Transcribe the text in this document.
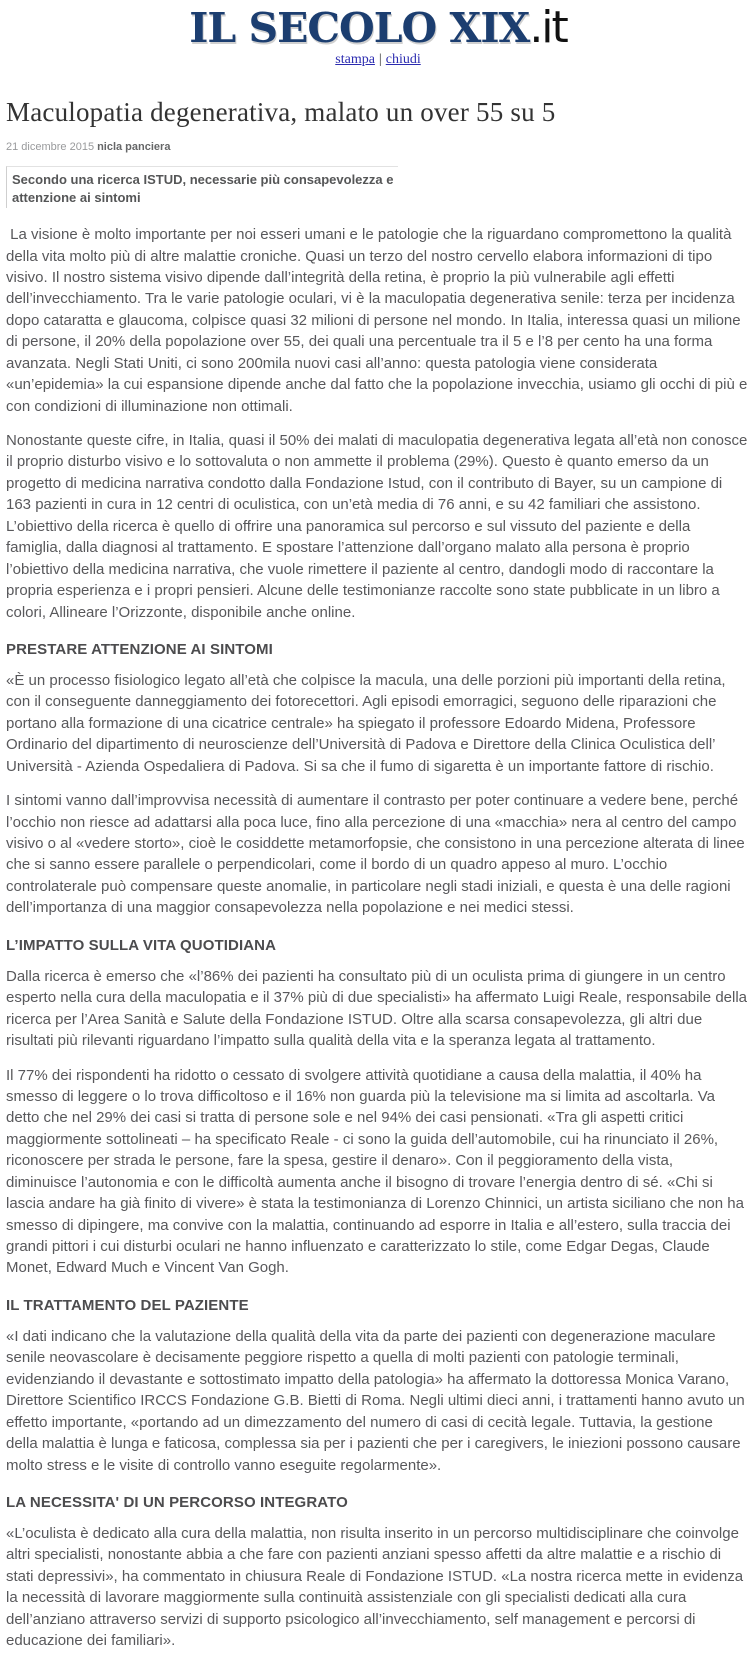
IL SECOLO XIX.it
stampa | chiudi
Maculopatia degenerativa, malato un over 55 su 5
21 dicembre 2015 nicla panciera
Secondo una ricerca ISTUD, necessarie più consapevolezza e attenzione ai sintomi

La visione è molto importante per noi esseri umani e le patologie che la riguardano compromettono la qualità della vita molto più di altre malattie croniche. Quasi un terzo del nostro cervello elabora informazioni di tipo visivo. Il nostro sistema visivo dipende dall’integrità della retina, è proprio la più vulnerabile agli effetti dell’invecchiamento. Tra le varie patologie oculari, vi è la maculopatia degenerativa senile: terza per incidenza dopo cataratta e glaucoma, colpisce quasi 32 milioni di persone nel mondo. In Italia, interessa quasi un milione di persone, il 20% della popolazione over 55, dei quali una percentuale tra il 5 e l’8 per cento ha una forma avanzata. Negli Stati Uniti, ci sono 200mila nuovi casi all’anno: questa patologia viene considerata «un’epidemia» la cui espansione dipende anche dal fatto che la popolazione invecchia, usiamo gli occhi di più e con condizioni di illuminazione non ottimali.

Nonostante queste cifre, in Italia, quasi il 50% dei malati di maculopatia degenerativa legata all’età non conosce il proprio disturbo visivo e lo sottovaluta o non ammette il problema (29%). Questo è quanto emerso da un progetto di medicina narrativa condotto dalla Fondazione Istud, con il contributo di Bayer, su un campione di 163 pazienti in cura in 12 centri di oculistica, con un’età media di 76 anni, e su 42 familiari che assistono. L’obiettivo della ricerca è quello di offrire una panoramica sul percorso e sul vissuto del paziente e della famiglia, dalla diagnosi al trattamento. E spostare l’attenzione dall’organo malato alla persona è proprio l’obiettivo della medicina narrativa, che vuole rimettere il paziente al centro, dandogli modo di raccontare la propria esperienza e i propri pensieri. Alcune delle testimonianze raccolte sono state pubblicate in un libro a colori, Allineare l’Orizzonte, disponibile anche online.

PRESTARE ATTENZIONE AI SINTOMI

«È un processo fisiologico legato all’età che colpisce la macula, una delle porzioni più importanti della retina, con il conseguente danneggiamento dei fotorecettori. Agli episodi emorragici, seguono delle riparazioni che portano alla formazione di una cicatrice centrale» ha spiegato il professore Edoardo Midena, Professore Ordinario del dipartimento di neuroscienze dell’Università di Padova e Direttore della Clinica Oculistica dell’ Università - Azienda Ospedaliera di Padova. Si sa che il fumo di sigaretta è un importante fattore di rischio.

I sintomi vanno dall’improvvisa necessità di aumentare il contrasto per poter continuare a vedere bene, perché l’occhio non riesce ad adattarsi alla poca luce, fino alla percezione di una «macchia» nera al centro del campo visivo o al «vedere storto», cioè le cosiddette metamorfopsie, che consistono in una percezione alterata di linee che si sanno essere parallele o perpendicolari, come il bordo di un quadro appeso al muro. L’occhio controlaterale può compensare queste anomalie, in particolare negli stadi iniziali, e questa è una delle ragioni dell’importanza di una maggior consapevolezza nella popolazione e nei medici stessi.

L’IMPATTO SULLA VITA QUOTIDIANA

Dalla ricerca è emerso che «l’86% dei pazienti ha consultato più di un oculista prima di giungere in un centro esperto nella cura della maculopatia e il 37% più di due specialisti» ha affermato Luigi Reale, responsabile della ricerca per l’Area Sanità e Salute della Fondazione ISTUD. Oltre alla scarsa consapevolezza, gli altri due risultati più rilevanti riguardano l’impatto sulla qualità della vita e la speranza legata al trattamento.

Il 77% dei rispondenti ha ridotto o cessato di svolgere attività quotidiane a causa della malattia, il 40% ha smesso di leggere o lo trova difficoltoso e il 16% non guarda più la televisione ma si limita ad ascoltarla. Va detto che nel 29% dei casi si tratta di persone sole e nel 94% dei casi pensionati. «Tra gli aspetti critici maggiormente sottolineati – ha specificato Reale - ci sono la guida dell’automobile, cui ha rinunciato il 26%, riconoscere per strada le persone, fare la spesa, gestire il denaro». Con il peggioramento della vista, diminuisce l’autonomia e con le difficoltà aumenta anche il bisogno di trovare l’energia dentro di sé. «Chi si lascia andare ha già finito di vivere» è stata la testimonianza di Lorenzo Chinnici, un artista siciliano che non ha smesso di dipingere, ma convive con la malattia, continuando ad esporre in Italia e all’estero, sulla traccia dei grandi pittori i cui disturbi oculari ne hanno influenzato e caratterizzato lo stile, come Edgar Degas, Claude Monet, Edward Much e Vincent Van Gogh.

IL TRATTAMENTO DEL PAZIENTE

«I dati indicano che la valutazione della qualità della vita da parte dei pazienti con degenerazione maculare senile neovascolare è decisamente peggiore rispetto a quella di molti pazienti con patologie terminali, evidenziando il devastante e sottostimato impatto della patologia» ha affermato la dottoressa Monica Varano, Direttore Scientifico IRCCS Fondazione G.B. Bietti di Roma. Negli ultimi dieci anni, i trattamenti hanno avuto un effetto importante, «portando ad un dimezzamento del numero di casi di cecità legale. Tuttavia, la gestione della malattia è lunga e faticosa, complessa sia per i pazienti che per i caregivers, le iniezioni possono causare molto stress e le visite di controllo vanno eseguite regolarmente».

LA NECESSITA' DI UN PERCORSO INTEGRATO

«L’oculista è dedicato alla cura della malattia, non risulta inserito in un percorso multidisciplinare che coinvolge altri specialisti, nonostante abbia a che fare con pazienti anziani spesso affetti da altre malattie e a rischio di stati depressivi», ha commentato in chiusura Reale di Fondazione ISTUD. «La nostra ricerca mette in evidenza la necessità di lavorare maggiormente sulla continuità assistenziale con gli specialisti dedicati alla cura dell’anziano attraverso servizi di supporto psicologico all’invecchiamento, self management e percorsi di educazione dei familiari».
